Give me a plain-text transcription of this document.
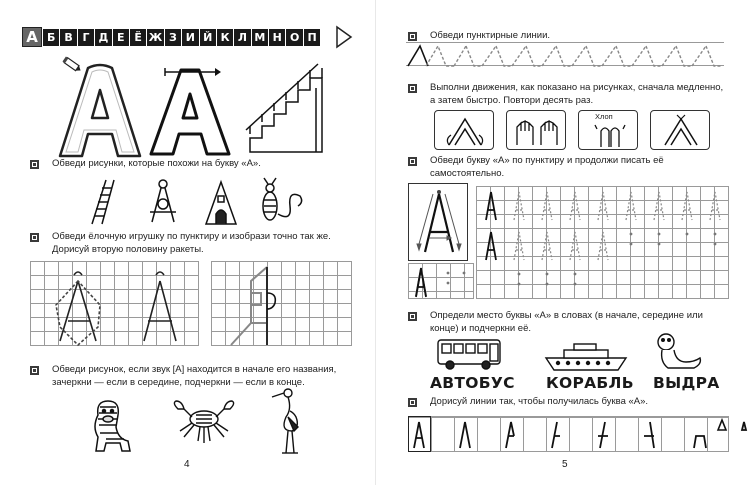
А Б В Г Д Е Ё Ж З И Й К Л М Н О П
Обведи рисунки, которые похожи на букву «А».
Обведи ёлочную игрушку по пунктиру и изобрази точно так же. Дорисуй вторую половину ракеты.
Обведи рисунок, если звук [А] находится в начале его названия, зачеркни — если в середине, подчеркни — если в конце.
4
Обведи пунктирные линии.
Выполни движения, как показано на рисунках, сначала медленно, а затем быстро. Повтори десять раз.
Хлоп
Обведи букву «А» по пунктиру и продолжи писать её самостоятельно.
Определи место буквы «А» в словах (в начале, середине или конце) и подчеркни её.
АВТОБУС КОРАБЛЬ ВЫДРА
Дорисуй линии так, чтобы получилась буква «А».
5
